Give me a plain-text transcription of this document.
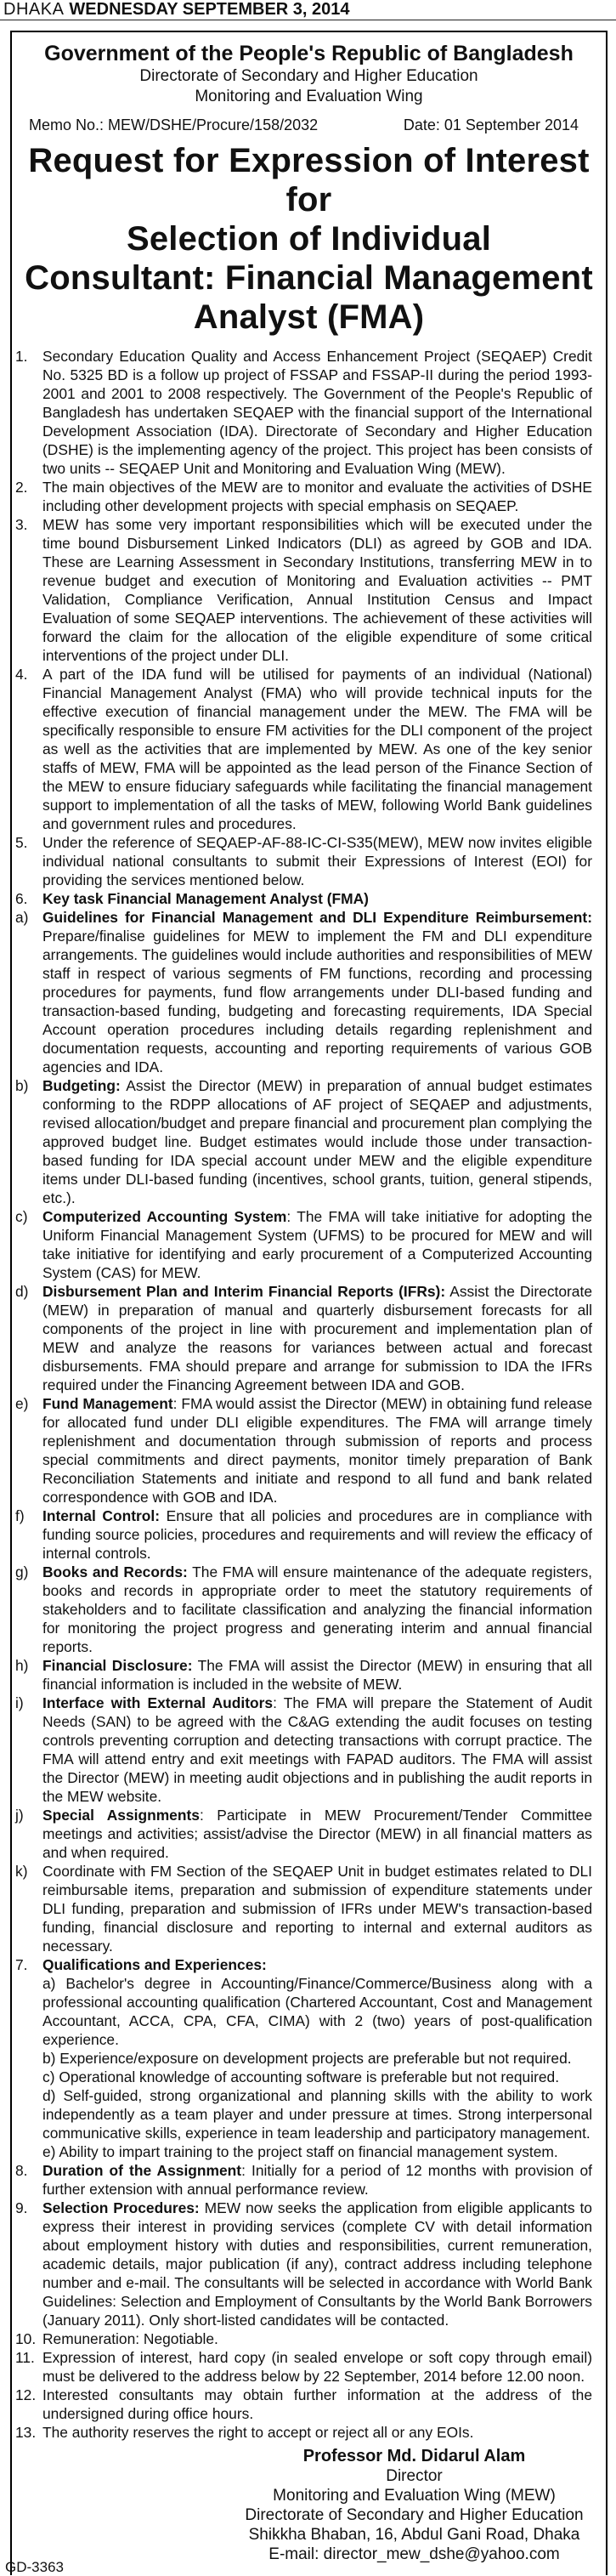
DHAKA WEDNESDAY SEPTEMBER 3, 2014
Government of the People's Republic of Bangladesh
Directorate of Secondary and Higher Education
Monitoring and Evaluation Wing
Memo No.: MEW/DSHE/Procure/158/2032	Date: 01 September 2014
Request for Expression of Interest for
Selection of Individual
Consultant: Financial Management
Analyst (FMA)
1.	Secondary Education Quality and Access Enhancement Project (SEQAEP) Credit No. 5325 BD is a follow up project of FSSAP and FSSAP-II during the period 1993-2001 and 2001 to 2008 respectively. The Government of the People's Republic of Bangladesh has undertaken SEQAEP with the financial support of the International Development Association (IDA). Directorate of Secondary and Higher Education (DSHE) is the implementing agency of the project. This project has been consists of two units -- SEQAEP Unit and Monitoring and Evaluation Wing (MEW).
2.	The main objectives of the MEW are to monitor and evaluate the activities of DSHE including other development projects with special emphasis on SEQAEP.
3.	MEW has some very important responsibilities which will be executed under the time bound Disbursement Linked Indicators (DLI) as agreed by GOB and IDA. These are Learning Assessment in Secondary Institutions, transferring MEW in to revenue budget and execution of Monitoring and Evaluation activities -- PMT Validation, Compliance Verification, Annual Institution Census and Impact Evaluation of some SEQAEP interventions. The achievement of these activities will forward the claim for the allocation of the eligible expenditure of some critical interventions of the project under DLI.
4.	A part of the IDA fund will be utilised for payments of an individual (National) Financial Management Analyst (FMA) who will provide technical inputs for the effective execution of financial management under the MEW. The FMA will be specifically responsible to ensure FM activities for the DLI component of the project as well as the activities that are implemented by MEW. As one of the key senior staffs of MEW, FMA will be appointed as the lead person of the Finance Section of the MEW to ensure fiduciary safeguards while facilitating the financial management support to implementation of all the tasks of MEW, following World Bank guidelines and government rules and procedures.
5.	Under the reference of SEQAEP-AF-88-IC-CI-S35(MEW), MEW now invites eligible individual national consultants to submit their Expressions of Interest (EOI) for providing the services mentioned below.
6.	Key task Financial Management Analyst (FMA)
a) Guidelines for Financial Management and DLI Expenditure Reimbursement: Prepare/finalise guidelines for MEW to implement the FM and DLI expenditure arrangements. The guidelines would include authorities and responsibilities of MEW staff in respect of various segments of FM functions, recording and processing procedures for payments, fund flow arrangements under DLI-based funding and transaction-based funding, budgeting and forecasting requirements, IDA Special Account operation procedures including details regarding replenishment and documentation requests, accounting and reporting requirements of various GOB agencies and IDA.
b) Budgeting: Assist the Director (MEW) in preparation of annual budget estimates conforming to the RDPP allocations of AF project of SEQAEP and adjustments, revised allocation/budget and prepare financial and procurement plan complying the approved budget line. Budget estimates would include those under transaction-based funding for IDA special account under MEW and the eligible expenditure items under DLI-based funding (incentives, school grants, tuition, general stipends, etc.).
c)	Computerized Accounting System: The FMA will take initiative for adopting the Uniform Financial Management System (UFMS) to be procured for MEW and will take initiative for identifying and early procurement of a Computerized Accounting System (CAS) for MEW.
d) Disbursement Plan and Interim Financial Reports (IFRs): Assist the Directorate (MEW) in preparation of manual and quarterly disbursement forecasts for all components of the project in line with procurement and implementation plan of MEW and analyze the reasons for variances between actual and forecast disbursements. FMA should prepare and arrange for submission to IDA the IFRs required under the Financing Agreement between IDA and GOB.
e) Fund Management: FMA would assist the Director (MEW) in obtaining fund release for allocated fund under DLI eligible expenditures. The FMA will arrange timely replenishment and documentation through submission of reports and process special commitments and direct payments, monitor timely preparation of Bank Reconciliation Statements and initiate and respond to all fund and bank related correspondence with GOB and IDA.
f)	Internal Control: Ensure that all policies and procedures are in compliance with funding source policies, procedures and requirements and will review the efficacy of internal controls.
g) Books and Records: The FMA will ensure maintenance of the adequate registers, books and records in appropriate order to meet the statutory requirements of stakeholders and to facilitate classification and analyzing the financial information for monitoring the project progress and generating interim and annual financial reports.
h) Financial Disclosure: The FMA will assist the Director (MEW) in ensuring that all financial information is included in the website of MEW.
i)	Interface with External Auditors: The FMA will prepare the Statement of Audit Needs (SAN) to be agreed with the C&AG extending the audit focuses on testing controls preventing corruption and detecting transactions with corrupt practice. The FMA will attend entry and exit meetings with FAPAD auditors. The FMA will assist the Director (MEW) in meeting audit objections and in publishing the audit reports in the MEW website.
j)	Special Assignments: Participate in MEW Procurement/Tender Committee meetings and activities; assist/advise the Director (MEW) in all financial matters as and when required.
k)	Coordinate with FM Section of the SEQAEP Unit in budget estimates related to DLI reimbursable items, preparation and submission of expenditure statements under DLI funding, preparation and submission of IFRs under MEW's transaction-based funding, financial disclosure and reporting to internal and external auditors as necessary.
7.	Qualifications and Experiences:

a) Bachelor's degree in Accounting/Finance/Commerce/Business along with a professional accounting qualification (Chartered Accountant, Cost and Management Accountant, ACCA, CPA, CFA, CIMA) with 2 (two) years of post-qualification experience.

b) Experience/exposure on development projects are preferable but not required.

c) Operational knowledge of accounting software is preferable but not required.

d) Self-guided, strong organizational and planning skills with the ability to work independently as a team player and under pressure at times. Strong interpersonal communicative skills, experience in team leadership and participatory management.

e) Ability to impart training to the project staff on financial management system.

8.	Duration of the Assignment: Initially for a period of 12 months with provision of further extension with annual performance review.
9.	Selection Procedures: MEW now seeks the application from eligible applicants to express their interest in providing services (complete CV with detail information about employment history with duties and responsibilities, current remuneration, academic details, major publication (if any), contract address including telephone number and e-mail. The consultants will be selected in accordance with World Bank Guidelines: Selection and Employment of Consultants by the World Bank Borrowers (January 2011). Only short-listed candidates will be contacted.
10. Remuneration: Negotiable.
11. Expression of interest, hard copy (in sealed envelope or soft copy through email) must be delivered to the address below by 22 September, 2014 before 12.00 noon.
12. Interested consultants may obtain further information at the address of the undersigned during office hours.
13. The authority reserves the right to accept or reject all or any EOIs.
Professor Md. Didarul Alam
Director
Monitoring and Evaluation Wing (MEW)
Directorate of Secondary and Higher Education
Shikkha Bhaban, 16, Abdul Gani Road, Dhaka
E-mail: director_mew_dshe@yahoo.com
GD-3363
